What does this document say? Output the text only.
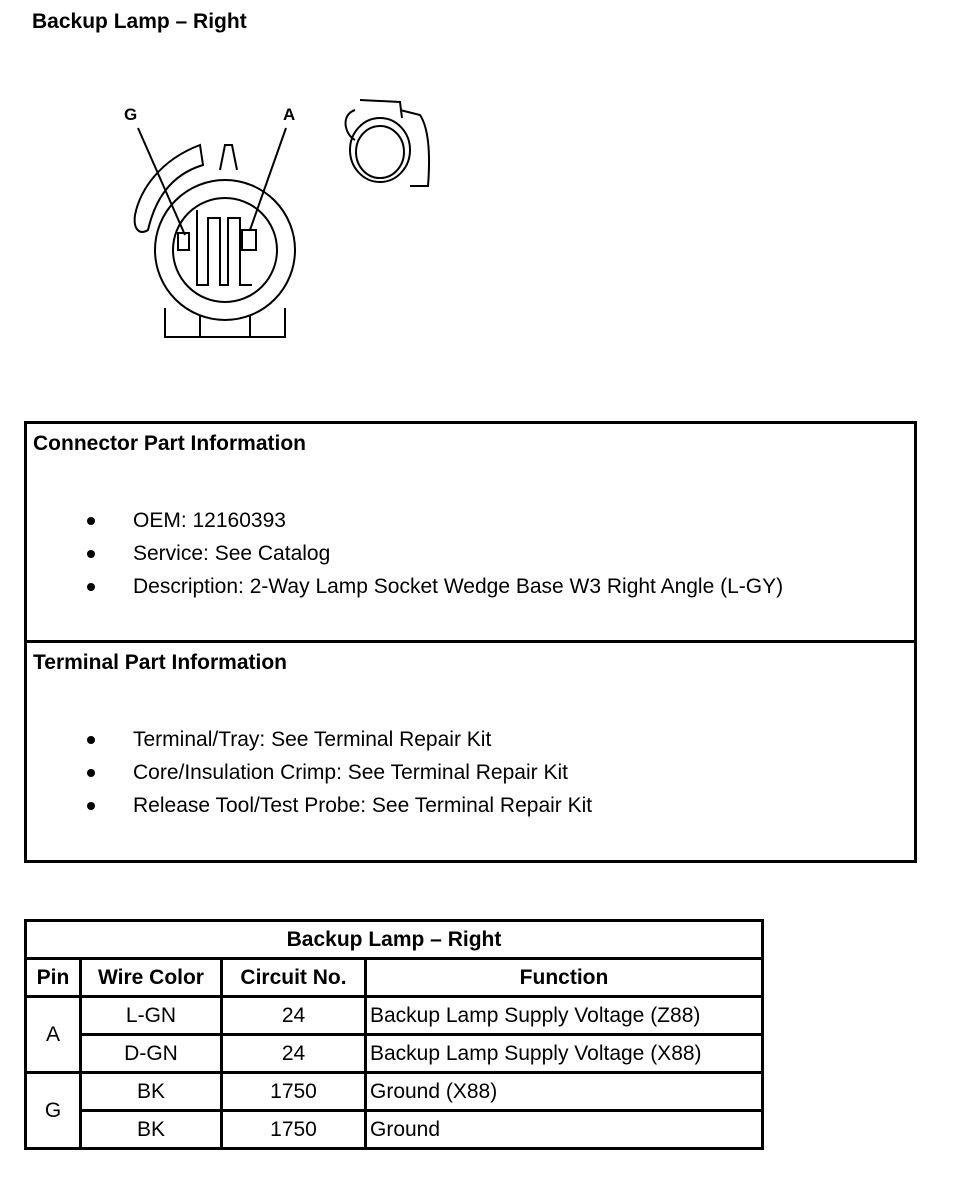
Backup Lamp – Right
G	A
Connector Part Information
OEM: 12160393
Service: See Catalog
Description: 2-Way Lamp Socket Wedge Base W3 Right Angle (L-GY)
Terminal Part Information
Terminal/Tray: See Terminal Repair Kit
Core/Insulation Crimp: See Terminal Repair Kit
Release Tool/Test Probe: See Terminal Repair Kit
Backup Lamp – Right			
Pin	Wire Color	Circuit No.	Function
A	L-GN	24	Backup Lamp Supply Voltage (Z88)
	D-GN	24	Backup Lamp Supply Voltage (X88)
G	BK	1750	Ground (X88)
	BK	1750	Ground
